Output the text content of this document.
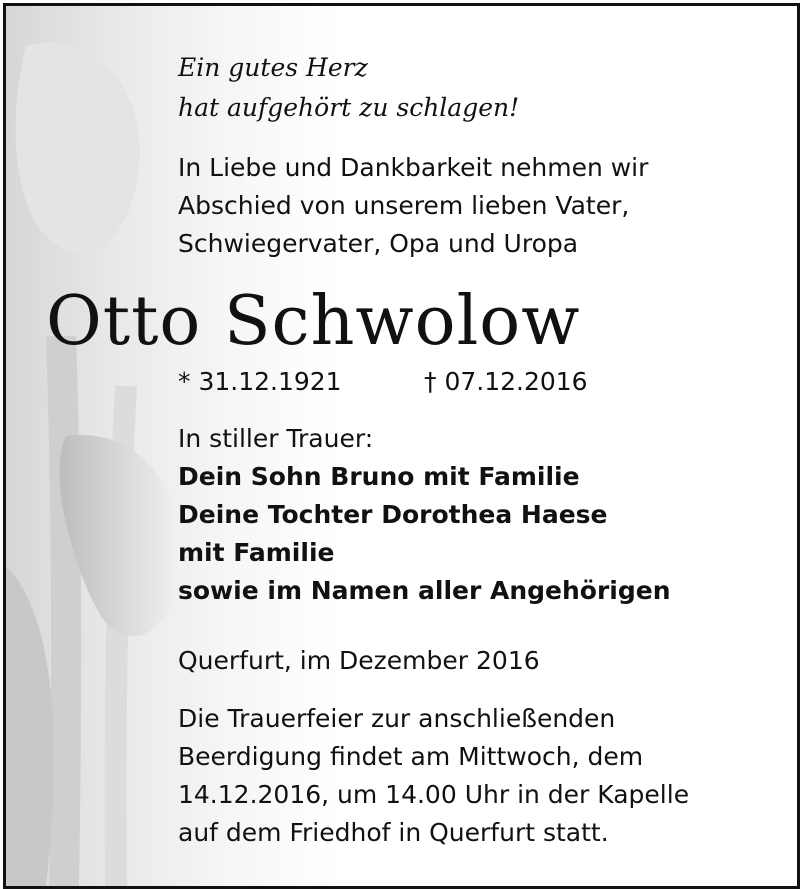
Ein gutes Herz
hat aufgehört zu schlagen!
In Liebe und Dankbarkeit nehmen wir
Abschied von unserem lieben Vater,
Schwiegervater, Opa und Uropa
Otto Schwolow
* 31.12.1921	† 07.12.2016
In stiller Trauer:
Dein Sohn Bruno mit Familie
Deine Tochter Dorothea Haese
mit Familie
sowie im Namen aller Angehörigen
Querfurt, im Dezember 2016
Die Trauerfeier zur anschließenden
Beerdigung findet am Mittwoch, dem
14.12.2016, um 14.00 Uhr in der Kapelle
auf dem Friedhof in Querfurt statt.
